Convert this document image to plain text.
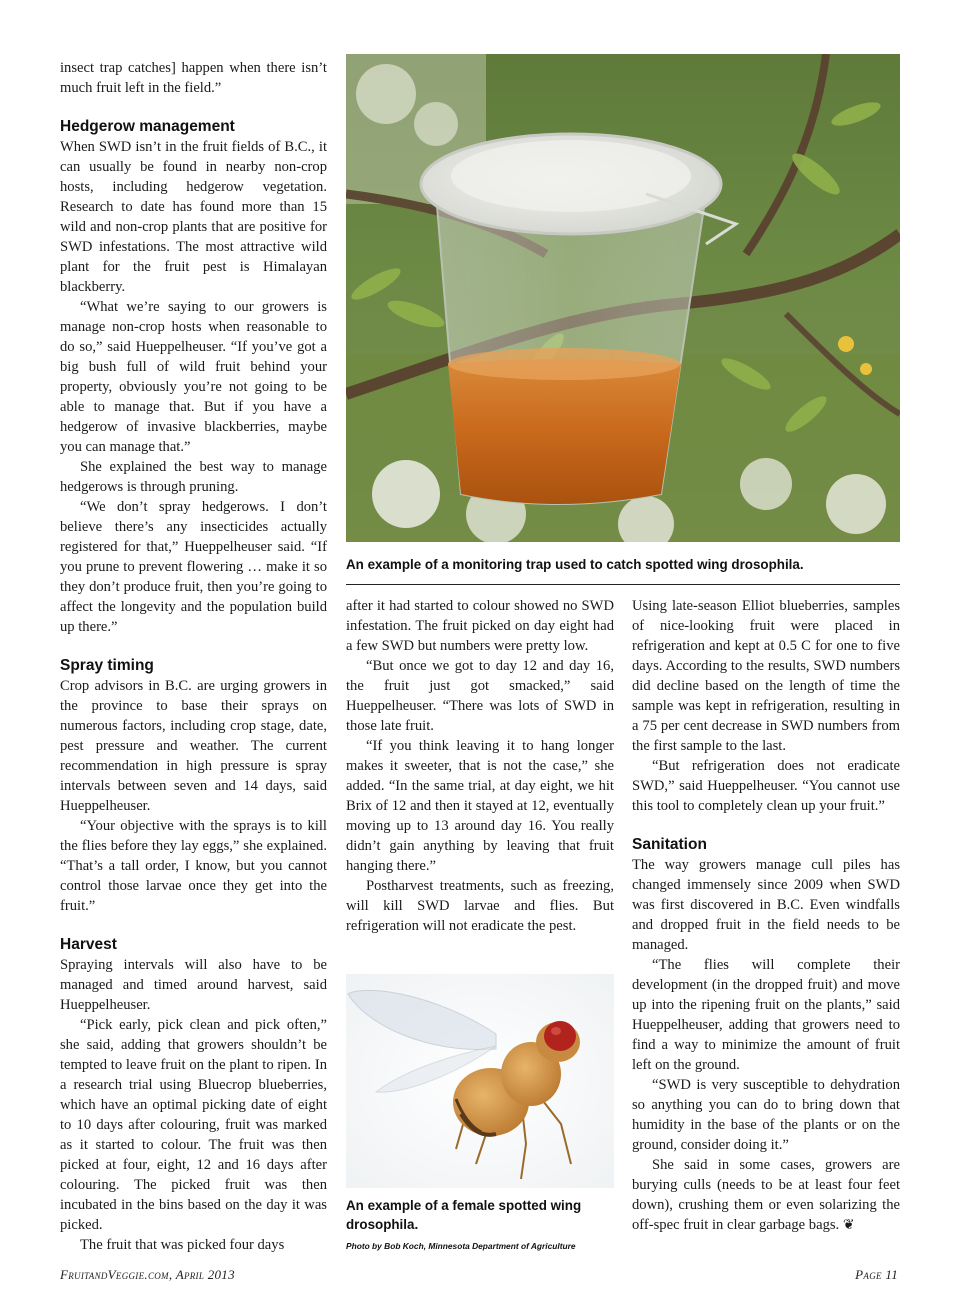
insect trap catches] happen when there isn’t much fruit left in the field.”

Hedgerow management

When SWD isn’t in the fruit fields of B.C., it can usually be found in nearby non-crop hosts, including hedgerow vegetation. Research to date has found more than 15 wild and non-crop plants that are positive for SWD infestations. The most attractive wild plant for the fruit pest is Himalayan blackberry.

“What we’re saying to our growers is manage non-crop hosts when reasonable to do so,” said Hueppelheuser. “If you’ve got a big bush full of wild fruit behind your property, obviously you’re not going to be able to manage that. But if you have a hedgerow of invasive blackberries, maybe you can manage that.”

She explained the best way to manage hedgerows is through pruning.

“We don’t spray hedgerows. I don’t believe there’s any insecticides actually registered for that,” Hueppelheuser said. “If you prune to prevent flowering … make it so they don’t produce fruit, then you’re going to affect the longevity and the population build up there.”

Spray timing

Crop advisors in B.C. are urging growers in the province to base their sprays on numerous factors, including crop stage, date, pest pressure and weather. The current recommendation in high pressure is spray intervals between seven and 14 days, said Hueppelheuser.

“Your objective with the sprays is to kill the flies before they lay eggs,” she explained. “That’s a tall order, I know, but you cannot control those larvae once they get into the fruit.”

Harvest

Spraying intervals will also have to be managed and timed around harvest, said Hueppelheuser.

“Pick early, pick clean and pick often,” she said, adding that growers shouldn’t be tempted to leave fruit on the plant to ripen. In a research trial using Bluecrop blueberries, which have an optimal picking date of eight to 10 days after colouring, fruit was marked as it started to colour. The fruit was then picked at four, eight, 12 and 16 days after colouring. The picked fruit was then incubated in the bins based on the day it was picked.

The fruit that was picked four days

An example of a monitoring trap used to catch spotted wing drosophila.

after it had started to colour showed no SWD infestation. The fruit picked on day eight had a few SWD but numbers were pretty low.

“But once we got to day 12 and day 16, the fruit just got smacked,” said Hueppelheuser. “There was lots of SWD in those late fruit.

“If you think leaving it to hang longer makes it sweeter, that is not the case,” she added. “In the same trial, at day eight, we hit Brix of 12 and then it stayed at 12, eventually moving up to 13 around day 16. You really didn’t gain anything by leaving that fruit hanging there.”

Postharvest treatments, such as freezing, will kill SWD larvae and flies. But refrigeration will not eradicate the pest.

An example of a female spotted wing drosophila.
Photo by Bob Koch, Minnesota Department of Agriculture

Using late-season Elliot blueberries, samples of nice-looking fruit were placed in refrigeration and kept at 0.5 C for one to five days. According to the results, SWD numbers did decline based on the length of time the sample was kept in refrigeration, resulting in a 75 per cent decrease in SWD numbers from the first sample to the last.

“But refrigeration does not eradicate SWD,” said Hueppelheuser. “You cannot use this tool to completely clean up your fruit.”

Sanitation

The way growers manage cull piles has changed immensely since 2009 when SWD was first discovered in B.C. Even windfalls and dropped fruit in the field needs to be managed.

“The flies will complete their development (in the dropped fruit) and move up into the ripening fruit on the plants,” said Hueppelheuser, adding that growers need to find a way to minimize the amount of fruit left on the ground.

“SWD is very susceptible to dehydration so anything you can do to bring down that humidity in the base of the plants or on the ground, consider doing it.”

She said in some cases, growers are burying culls (needs to be at least four feet down), crushing them or even solarizing the off-spec fruit in clear garbage bags. ❦

FruitandVeggie.com, April 2013	Page 11
